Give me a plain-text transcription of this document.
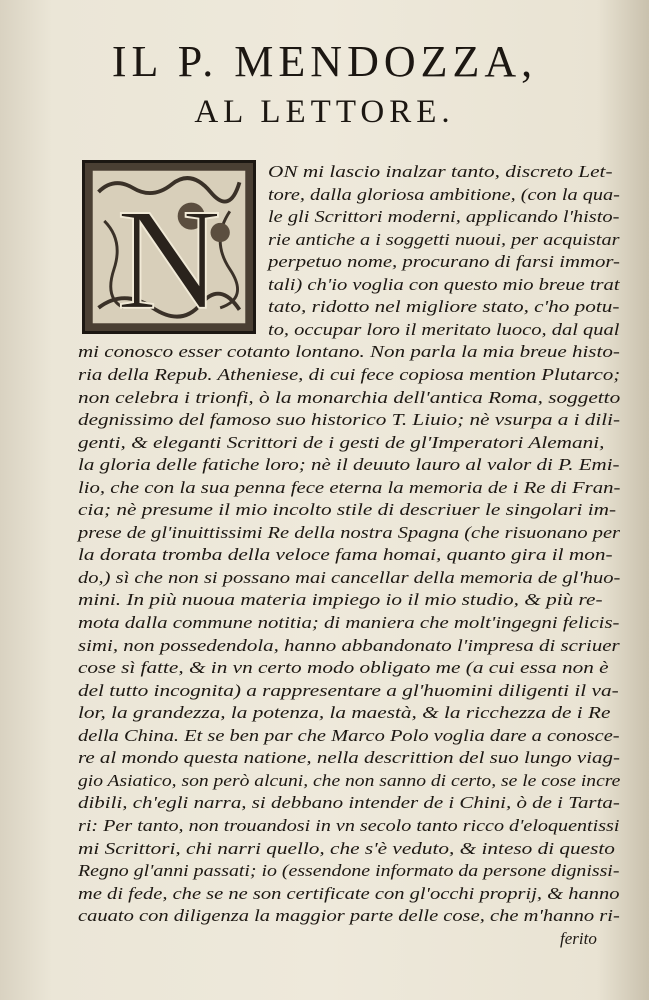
IL P. MENDOZZA,
AL LETTORE.
N
ON mi lascio inalzar tanto, discreto Let-
tore, dalla gloriosa ambitione, (con la qua-
le gli Scrittori moderni, applicando l'histo-
rie antiche a i soggetti nuoui, per acquistar
perpetuo nome, procurano di farsi immor-
tali) ch'io voglia con questo mio breue trat
tato, ridotto nel migliore stato, c'ho potu-
to, occupar loro il meritato luoco, dal qual
mi conosco esser cotanto lontano. Non parla la mia breue histo-
ria della Repub. Atheniese, di cui fece copiosa mention Plutarco;
non celebra i trionfi, ò la monarchia dell'antica Roma, soggetto
degnissimo del famoso suo historico T. Liuio; nè vsurpa a i dili-
genti, & eleganti Scrittori de i gesti de gl'Imperatori Alemani,
la gloria delle fatiche loro; nè il deuuto lauro al valor di P. Emi-
lio, che con la sua penna fece eterna la memoria de i Re di Fran-
cia; nè presume il mio incolto stile di descriuer le singolari im-
prese de gl'inuittissimi Re della nostra Spagna (che risuonano per
la dorata tromba della veloce fama homai, quanto gira il mon-
do,) sì che non si possano mai cancellar della memoria de gl'huo-
mini. In più nuoua materia impiego io il mio studio, & più re-
mota dalla commune notitia; di maniera che molt'ingegni felicis-
simi, non possedendola, hanno abbandonato l'impresa di scriuer
cose sì fatte, & in vn certo modo obligato me (a cui essa non è
del tutto incognita) a rappresentare a gl'huomini diligenti il va-
lor, la grandezza, la potenza, la maestà, & la ricchezza de i Re
della China. Et se ben par che Marco Polo voglia dare a conosce-
re al mondo questa natione, nella descrittion del suo lungo viag-
gio Asiatico, son però alcuni, che non sanno di certo, se le cose incre
dibili, ch'egli narra, si debbano intender de i Chini, ò de i Tarta-
ri: Per tanto, non trouandosi in vn secolo tanto ricco d'eloquentissi
mi Scrittori, chi narri quello, che s'è veduto, & inteso di questo
Regno gl'anni passati; io (essendone informato da persone dignissi-
me di fede, che se ne son certificate con gl'occhi proprij, & hanno
cauato con diligenza la maggior parte delle cose, che m'hanno ri-
ferito
